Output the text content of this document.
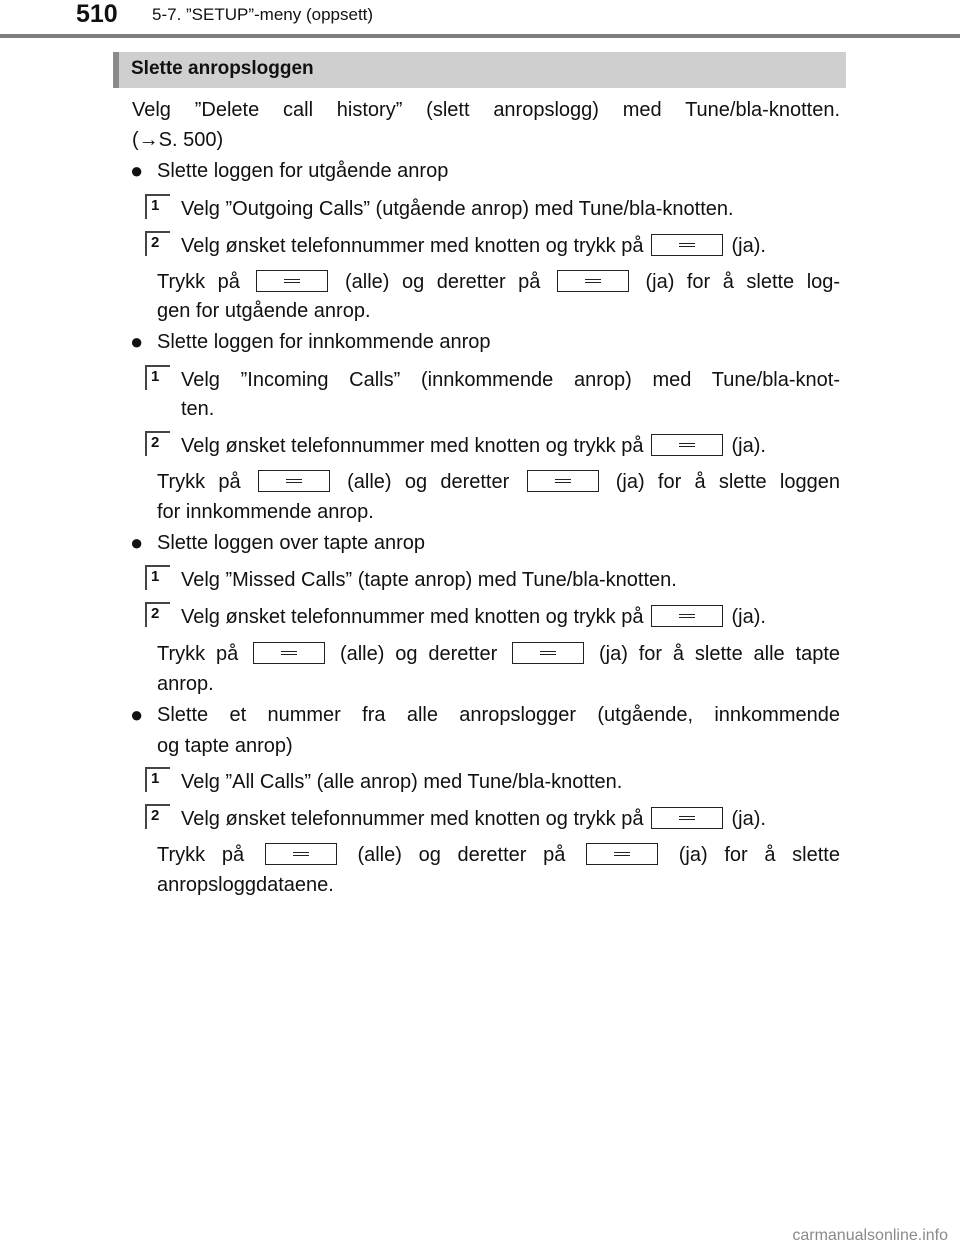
510 5-7. ”SETUP”-meny (oppsett)
Slette anropsloggen
Velg ”Delete call history” (slett anropslogg) med Tune/bla-knotten.
(→S. 500)
● Slette loggen for utgående anrop
1	Velg ”Outgoing Calls” (utgående anrop) med Tune/bla-knotten.
2	Velg ønsket telefonnummer med knotten og trykk på	(ja).
Trykk på	(alle) og deretter på	(ja) for å slette log-
gen for utgående anrop.
● Slette loggen for innkommende anrop
1	Velg ”Incoming Calls” (innkommende anrop) med Tune/bla-knot-
ten.
2	Velg ønsket telefonnummer med knotten og trykk på	(ja).
Trykk på	(alle) og deretter	(ja) for å slette loggen
for innkommende anrop.
● Slette loggen over tapte anrop
1	Velg ”Missed Calls” (tapte anrop) med Tune/bla-knotten.
2	Velg ønsket telefonnummer med knotten og trykk på	(ja).
Trykk på	(alle) og deretter	(ja) for å slette alle tapte
anrop.
● Slette et nummer fra alle anropslogger (utgående, innkommende
og tapte anrop)
1	Velg ”All Calls” (alle anrop) med Tune/bla-knotten.
2	Velg ønsket telefonnummer med knotten og trykk på	(ja).
Trykk på	(alle) og deretter på	(ja) for å slette
anropsloggdataene.
carmanualsonline.info
